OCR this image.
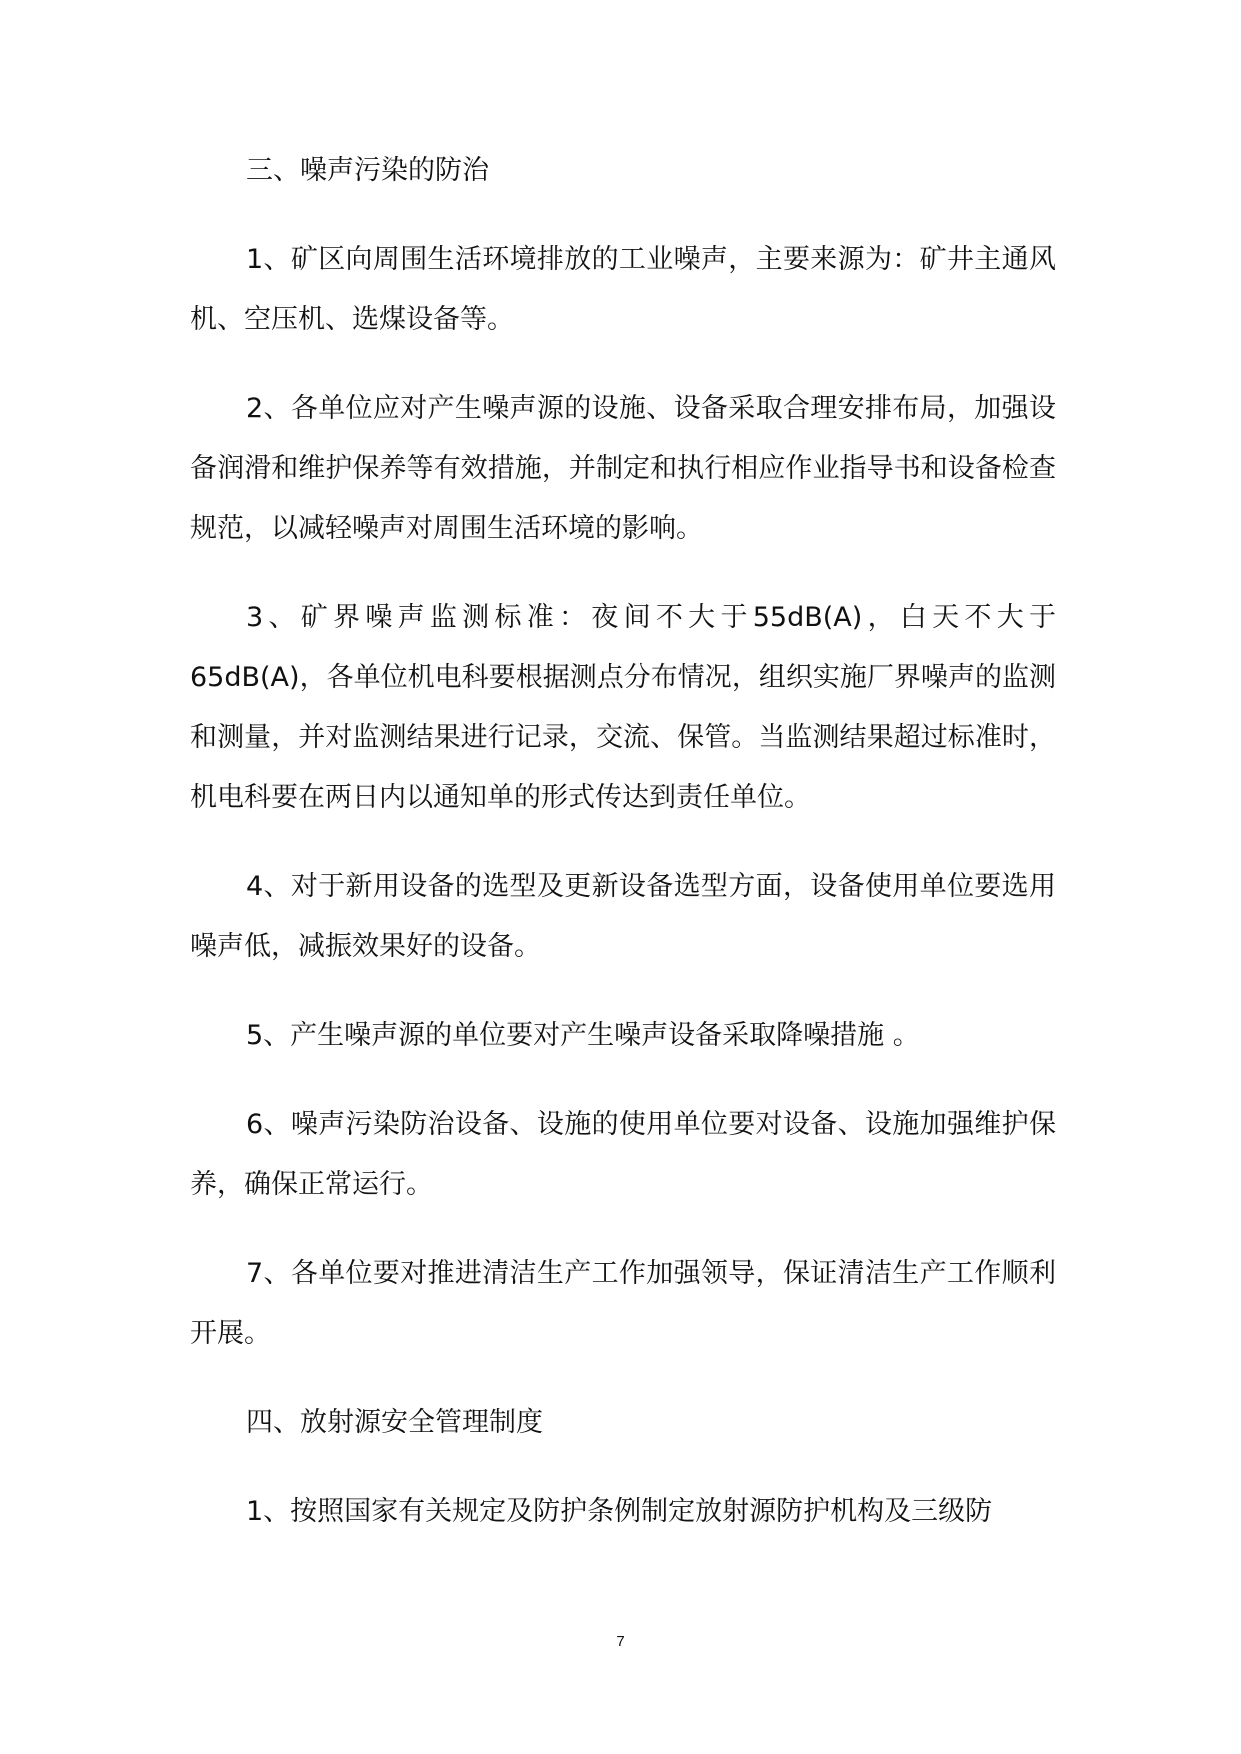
三、噪声污染的防治

1、矿区向周围生活环境排放的工业噪声，主要来源为：矿井主通风机、空压机、选煤设备等。

2、各单位应对产生噪声源的设施、设备采取合理安排布局，加强设备润滑和维护保养等有效措施，并制定和执行相应作业指导书和设备检查规范，以减轻噪声对周围生活环境的影响。

3、矿界噪声监测标准：夜间不大于55dB(A)，白天不大于65dB(A)，各单位机电科要根据测点分布情况，组织实施厂界噪声的监测和测量，并对监测结果进行记录，交流、保管。当监测结果超过标准时，机电科要在两日内以通知单的形式传达到责任单位。

4、对于新用设备的选型及更新设备选型方面，设备使用单位要选用噪声低，减振效果好的设备。

5、产生噪声源的单位要对产生噪声设备采取降噪措施 。

6、噪声污染防治设备、设施的使用单位要对设备、设施加强维护保养，确保正常运行。

7、各单位要对推进清洁生产工作加强领导，保证清洁生产工作顺利开展。

四、放射源安全管理制度

1、按照国家有关规定及防护条例制定放射源防护机构及三级防

7
